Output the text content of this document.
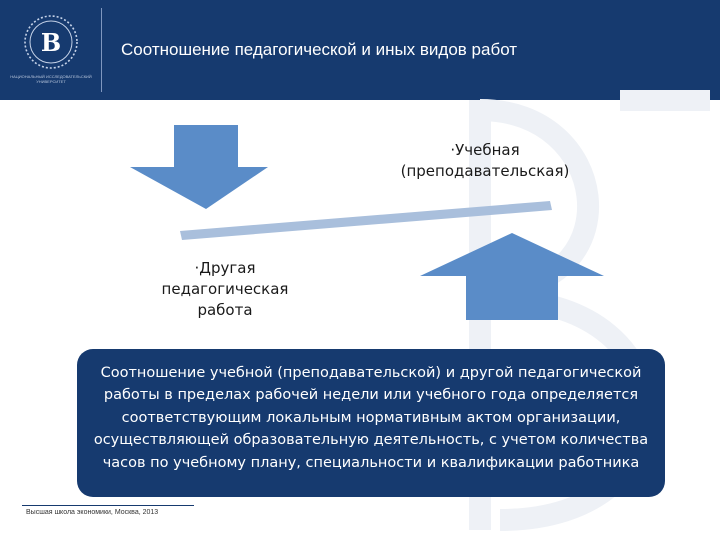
В
НАЦИОНАЛЬНЫЙ ИССЛЕДОВАТЕЛЬСКИЙ УНИВЕРСИТЕТ
Соотношение педагогической и иных видов работ
·Учебная
(преподавательская)
·Другая
педагогическая
работа
Соотношение учебной (преподавательской) и другой педагогической работы в пределах рабочей недели или учебного года определяется соответствующим локальным нормативным актом организации, осуществляющей образовательную деятельность, с учетом количества часов по учебному плану, специальности и квалификации работника
Высшая школа экономики, Москва, 2013
